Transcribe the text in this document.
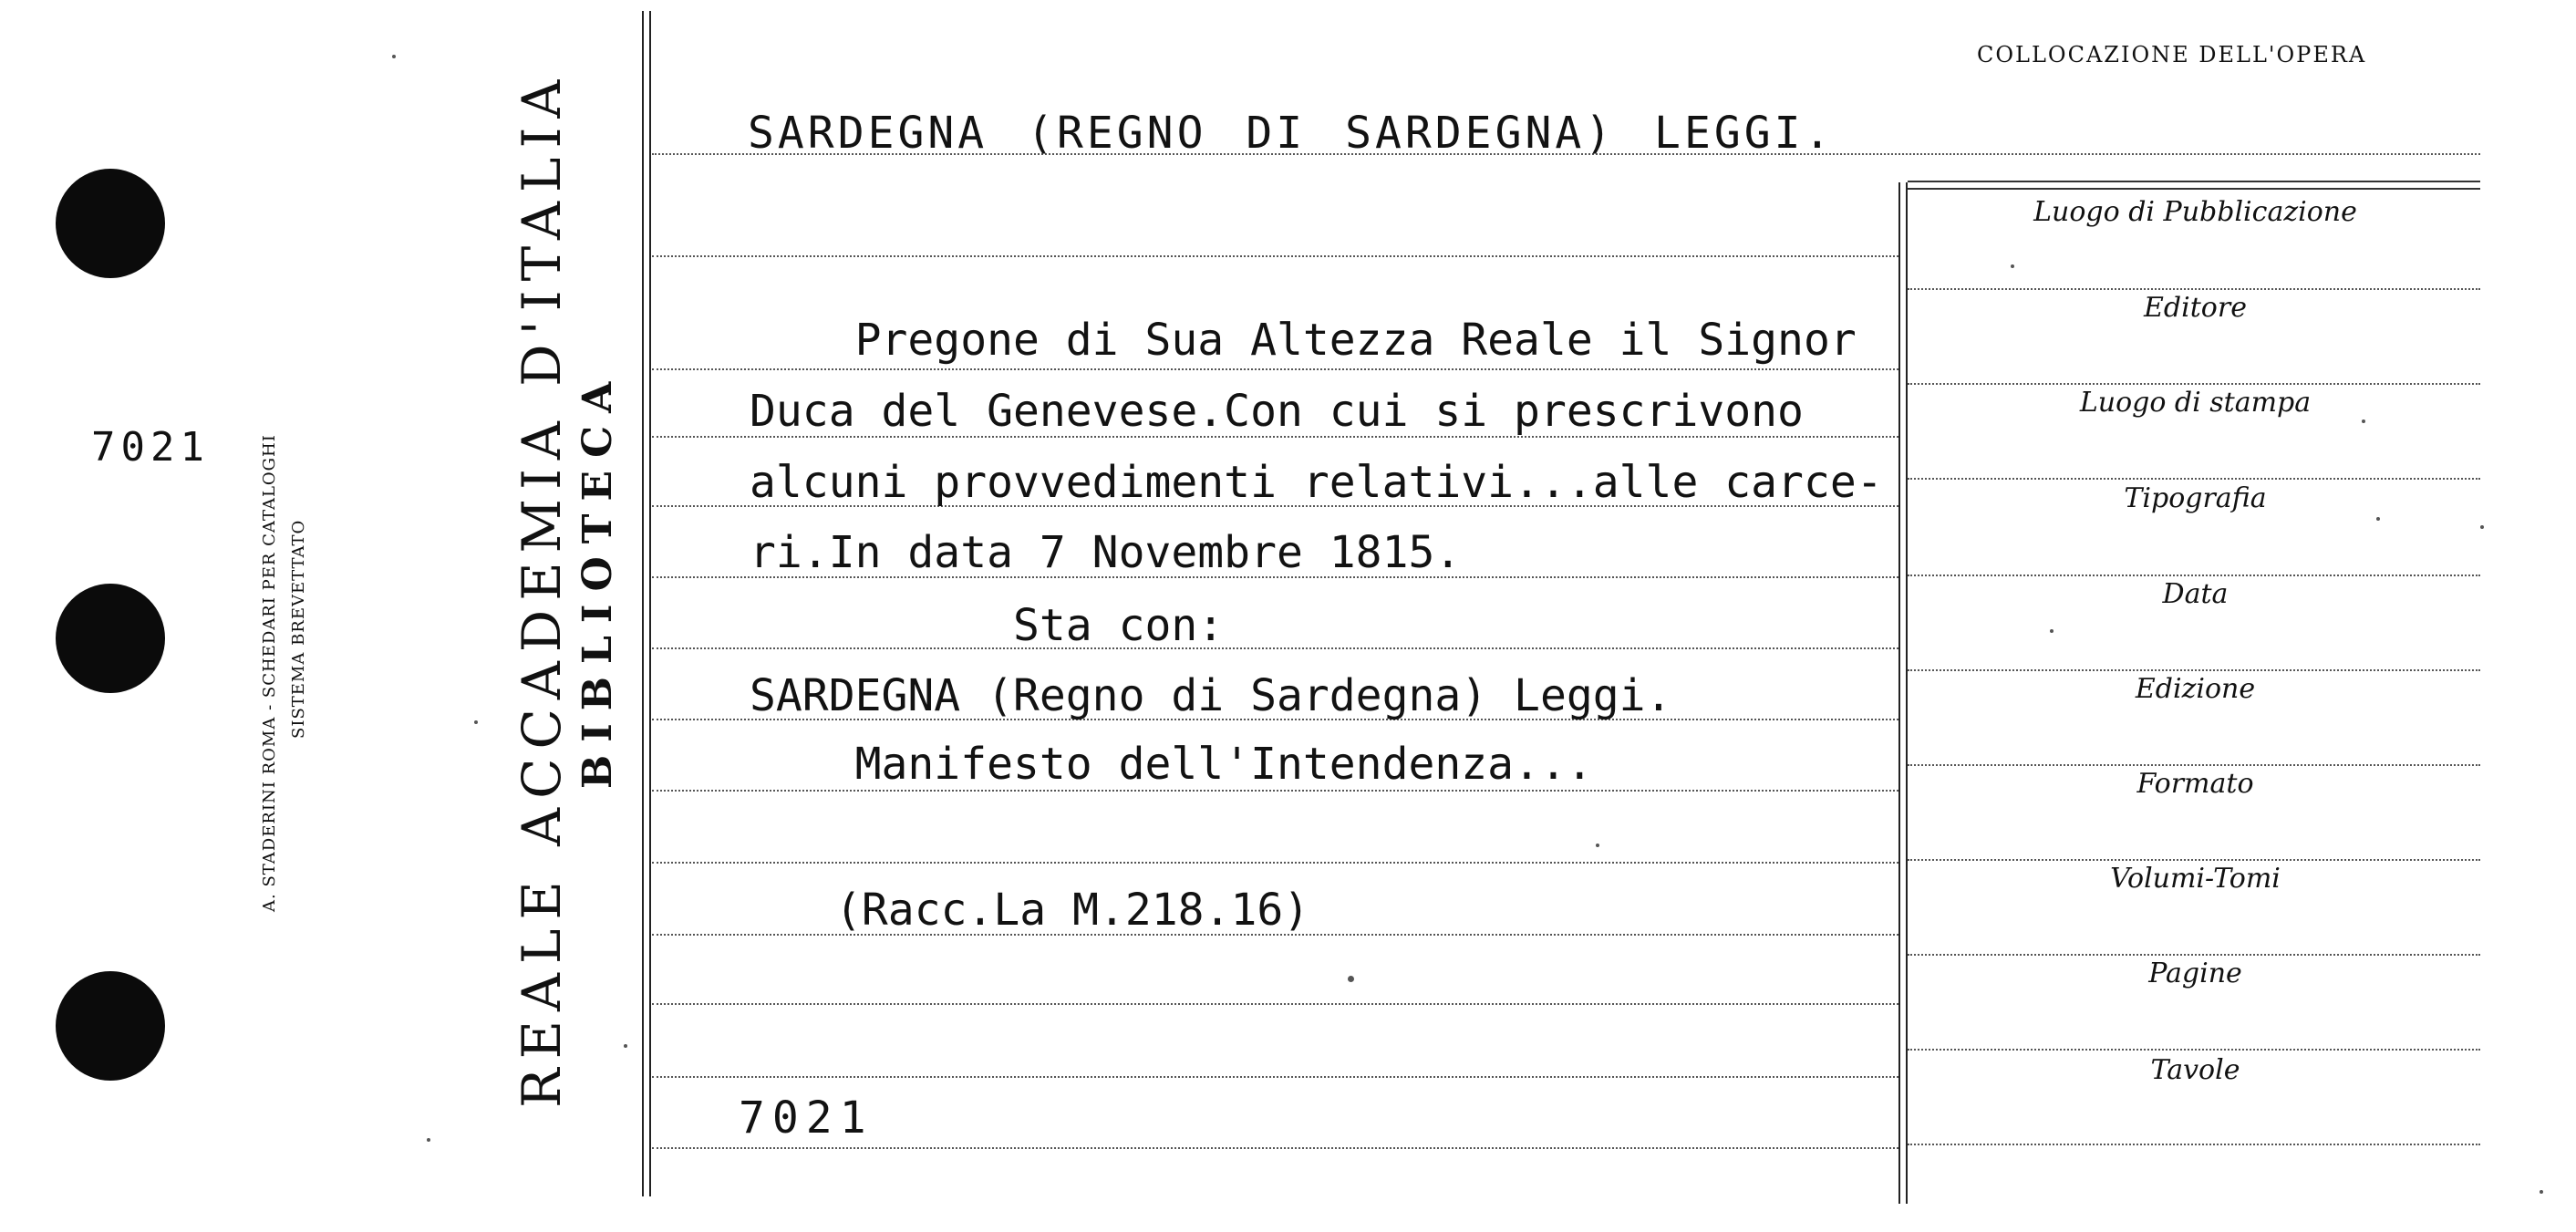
7021	A. STADERINI ROMA - SCHEDARI PER CATALOGHI SISTEMA BREVETTATO	REALE ACCADEMIA D'ITALIA BIBLIOTECA
COLLOCAZIONE DELL'OPERA
SARDEGNA (REGNO DI SARDEGNA) LEGGI.
Pregone di Sua Altezza Reale il Signor
Duca del Genevese.Con cui si prescrivono
alcuni provvedimenti relativi...alle carce-
ri.In data 7 Novembre 1815.
Sta con:
SARDEGNA (Regno di Sardegna) Leggi.
Manifesto dell'Intendenza...
(Racc.La M.218.16)
7021
Luogo di Pubblicazione
Editore
Luogo di stampa
Tipografia
Data
Edizione
Formato
Volumi-Tomi
Pagine
Tavole
